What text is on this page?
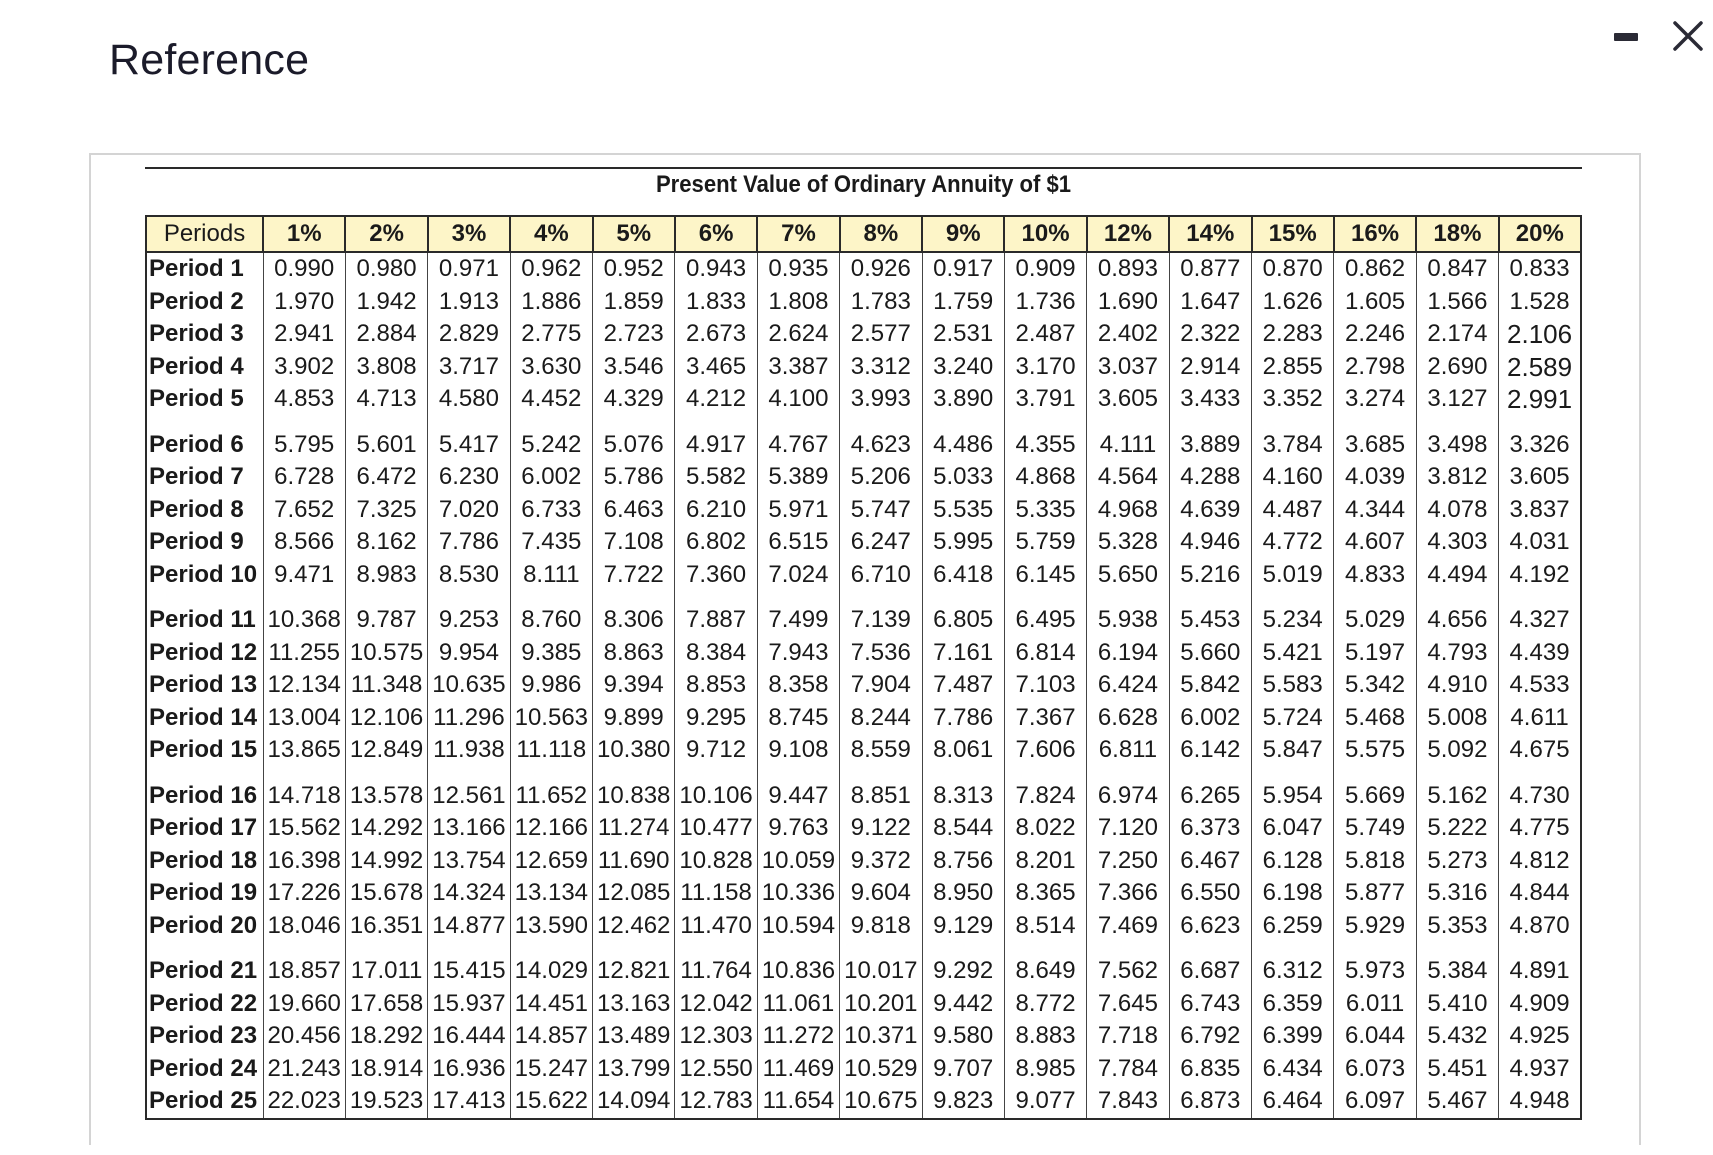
Reference
Present Value of Ordinary Annuity of $1
Periods	1%	2%	3%	4%	5%	6%	7%	8%	9%	10%	12%	14%	15%	16%	18%	20%
Period 1	0.990	0.980	0.971	0.962	0.952	0.943	0.935	0.926	0.917	0.909	0.893	0.877	0.870	0.862	0.847	0.833
Period 2	1.970	1.942	1.913	1.886	1.859	1.833	1.808	1.783	1.759	1.736	1.690	1.647	1.626	1.605	1.566	1.528
Period 3	2.941	2.884	2.829	2.775	2.723	2.673	2.624	2.577	2.531	2.487	2.402	2.322	2.283	2.246	2.174	2.106
Period 4	3.902	3.808	3.717	3.630	3.546	3.465	3.387	3.312	3.240	3.170	3.037	2.914	2.855	2.798	2.690	2.589
Period 5	4.853	4.713	4.580	4.452	4.329	4.212	4.100	3.993	3.890	3.791	3.605	3.433	3.352	3.274	3.127	2.991
Period 6	5.795	5.601	5.417	5.242	5.076	4.917	4.767	4.623	4.486	4.355	4.111	3.889	3.784	3.685	3.498	3.326
Period 7	6.728	6.472	6.230	6.002	5.786	5.582	5.389	5.206	5.033	4.868	4.564	4.288	4.160	4.039	3.812	3.605
Period 8	7.652	7.325	7.020	6.733	6.463	6.210	5.971	5.747	5.535	5.335	4.968	4.639	4.487	4.344	4.078	3.837
Period 9	8.566	8.162	7.786	7.435	7.108	6.802	6.515	6.247	5.995	5.759	5.328	4.946	4.772	4.607	4.303	4.031
Period 10	9.471	8.983	8.530	8.111	7.722	7.360	7.024	6.710	6.418	6.145	5.650	5.216	5.019	4.833	4.494	4.192
Period 11	10.368	9.787	9.253	8.760	8.306	7.887	7.499	7.139	6.805	6.495	5.938	5.453	5.234	5.029	4.656	4.327
Period 12	11.255	10.575	9.954	9.385	8.863	8.384	7.943	7.536	7.161	6.814	6.194	5.660	5.421	5.197	4.793	4.439
Period 13	12.134	11.348	10.635	9.986	9.394	8.853	8.358	7.904	7.487	7.103	6.424	5.842	5.583	5.342	4.910	4.533
Period 14	13.004	12.106	11.296	10.563	9.899	9.295	8.745	8.244	7.786	7.367	6.628	6.002	5.724	5.468	5.008	4.611
Period 15	13.865	12.849	11.938	11.118	10.380	9.712	9.108	8.559	8.061	7.606	6.811	6.142	5.847	5.575	5.092	4.675
Period 16	14.718	13.578	12.561	11.652	10.838	10.106	9.447	8.851	8.313	7.824	6.974	6.265	5.954	5.669	5.162	4.730
Period 17	15.562	14.292	13.166	12.166	11.274	10.477	9.763	9.122	8.544	8.022	7.120	6.373	6.047	5.749	5.222	4.775
Period 18	16.398	14.992	13.754	12.659	11.690	10.828	10.059	9.372	8.756	8.201	7.250	6.467	6.128	5.818	5.273	4.812
Period 19	17.226	15.678	14.324	13.134	12.085	11.158	10.336	9.604	8.950	8.365	7.366	6.550	6.198	5.877	5.316	4.844
Period 20	18.046	16.351	14.877	13.590	12.462	11.470	10.594	9.818	9.129	8.514	7.469	6.623	6.259	5.929	5.353	4.870
Period 21	18.857	17.011	15.415	14.029	12.821	11.764	10.836	10.017	9.292	8.649	7.562	6.687	6.312	5.973	5.384	4.891
Period 22	19.660	17.658	15.937	14.451	13.163	12.042	11.061	10.201	9.442	8.772	7.645	6.743	6.359	6.011	5.410	4.909
Period 23	20.456	18.292	16.444	14.857	13.489	12.303	11.272	10.371	9.580	8.883	7.718	6.792	6.399	6.044	5.432	4.925
Period 24	21.243	18.914	16.936	15.247	13.799	12.550	11.469	10.529	9.707	8.985	7.784	6.835	6.434	6.073	5.451	4.937
Period 25	22.023	19.523	17.413	15.622	14.094	12.783	11.654	10.675	9.823	9.077	7.843	6.873	6.464	6.097	5.467	4.948
